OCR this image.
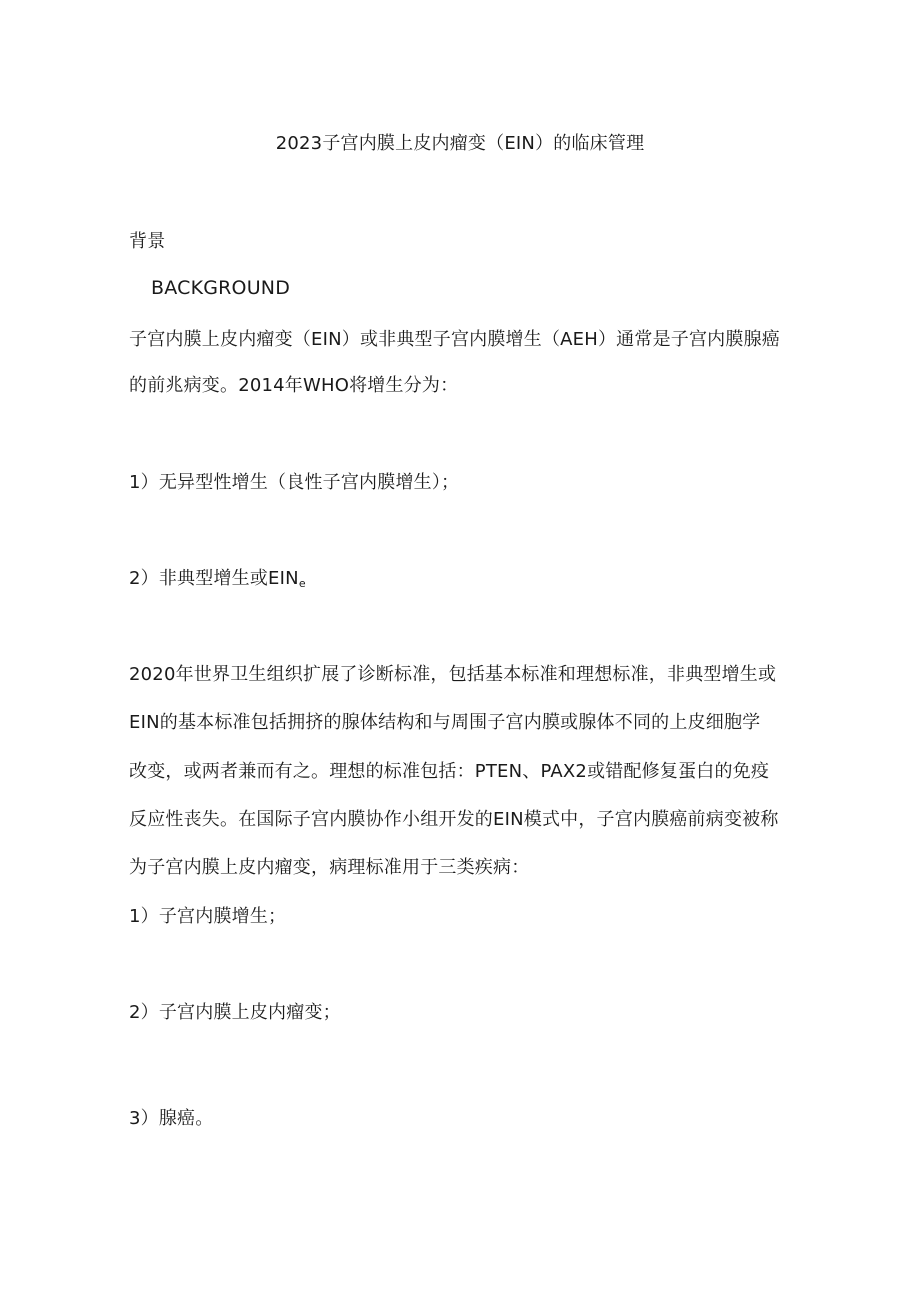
2023子宫内膜上皮内瘤变（EIN）的临床管理
背景
BACKGROUND
子宫内膜上皮内瘤变（EIN）或非典型子宫内膜增生（AEH）通常是子宫内膜腺癌
的前兆病变。2014年WHO将增生分为：
1）无异型性增生（良性子宫内膜增生）；
2）非典型增生或$EIN_e$
2020年世界卫生组织扩展了诊断标准，包括基本标准和理想标准，非典型增生或
EIN的基本标准包括拥挤的腺体结构和与周围子宫内膜或腺体不同的上皮细胞学
改变，或两者兼而有之。理想的标准包括：PTEN、PAX2或错配修复蛋白的免疫
反应性丧失。在国际子宫内膜协作小组开发的EIN模式中，子宫内膜癌前病变被称
为子宫内膜上皮内瘤变，病理标准用于三类疾病：
1）子宫内膜增生；
2）子宫内膜上皮内瘤变；
3）腺癌。
